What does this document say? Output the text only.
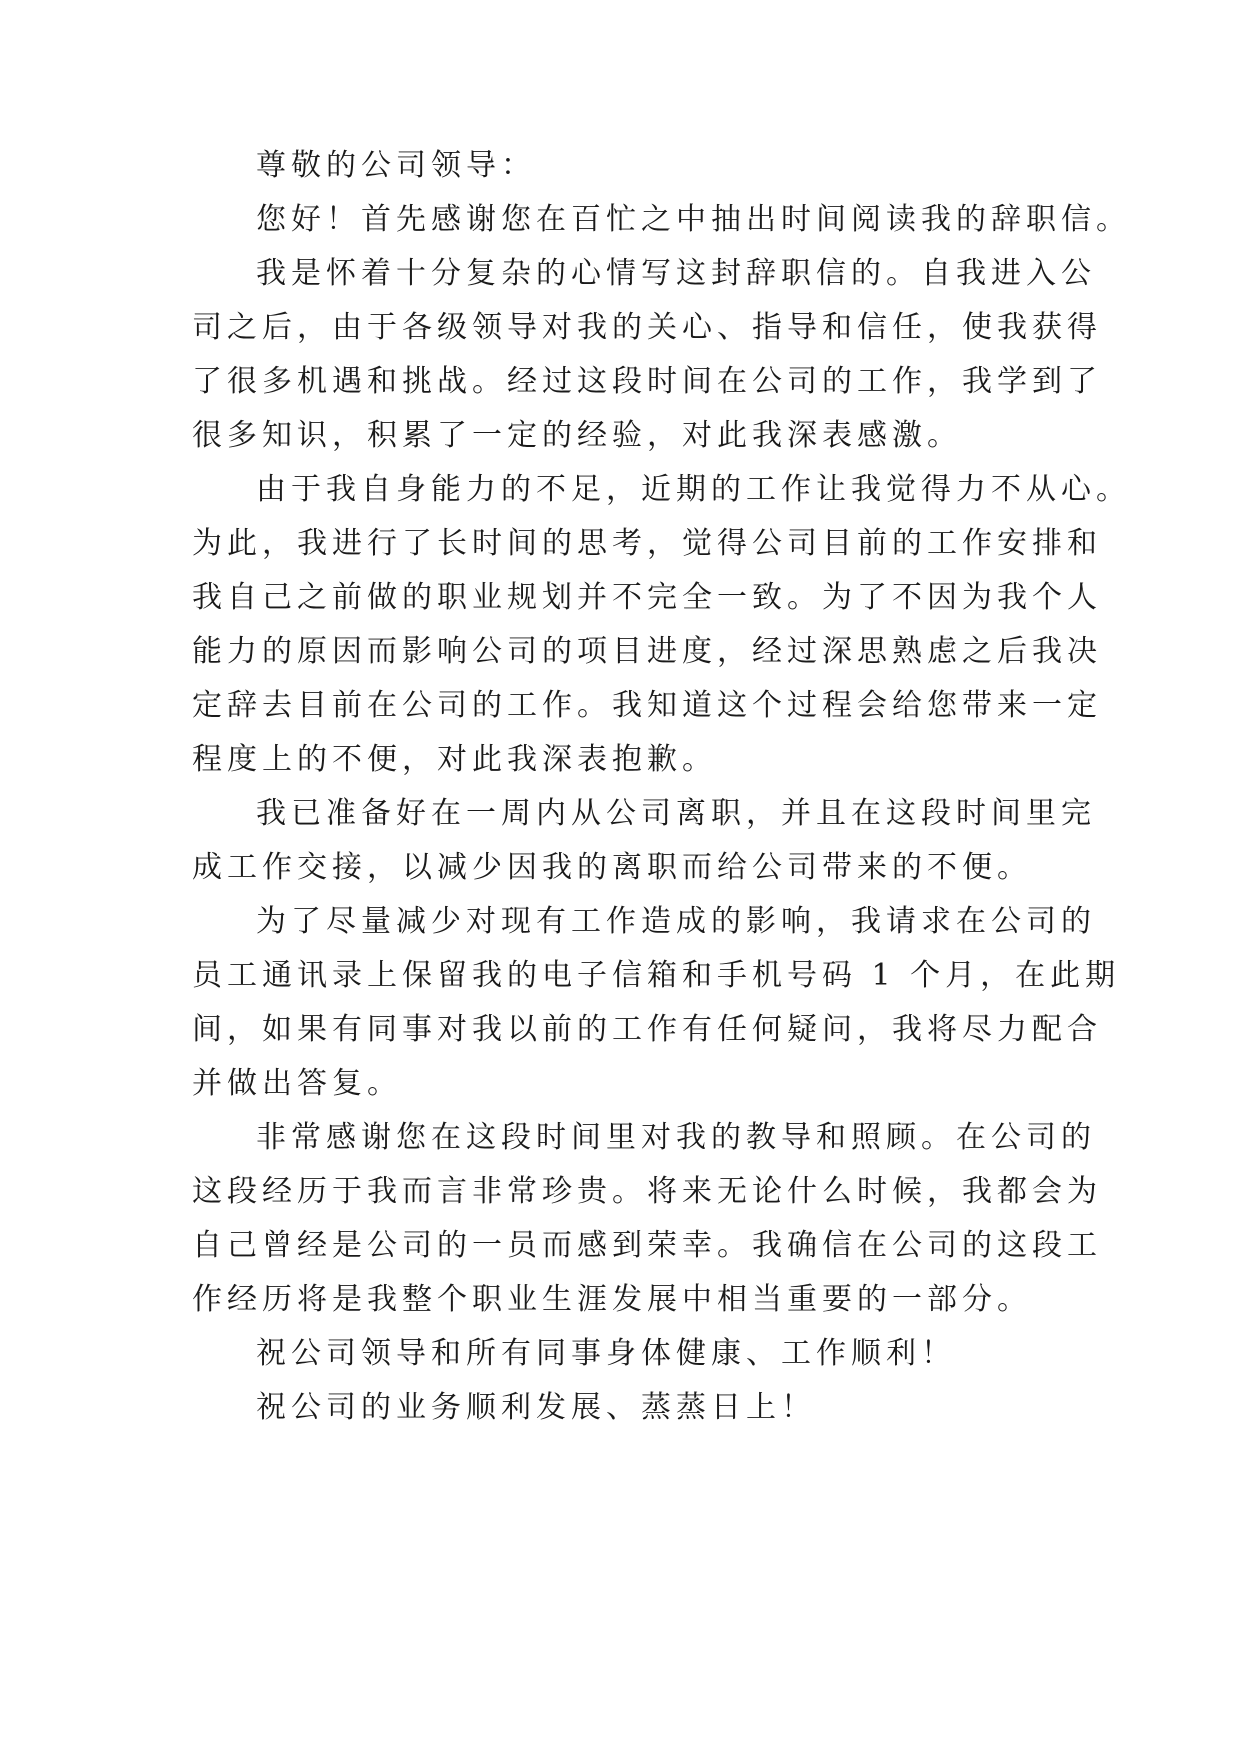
尊敬的公司领导：

您好！首先感谢您在百忙之中抽出时间阅读我的辞职信。

我是怀着十分复杂的心情写这封辞职信的。自我进入公

司之后，由于各级领导对我的关心、指导和信任，使我获得

了很多机遇和挑战。经过这段时间在公司的工作，我学到了

很多知识，积累了一定的经验，对此我深表感激。

由于我自身能力的不足，近期的工作让我觉得力不从心。

为此，我进行了长时间的思考，觉得公司目前的工作安排和

我自己之前做的职业规划并不完全一致。为了不因为我个人

能力的原因而影响公司的项目进度，经过深思熟虑之后我决

定辞去目前在公司的工作。我知道这个过程会给您带来一定

程度上的不便，对此我深表抱歉。

我已准备好在一周内从公司离职，并且在这段时间里完

成工作交接，以减少因我的离职而给公司带来的不便。

为了尽量减少对现有工作造成的影响，我请求在公司的

员工通讯录上保留我的电子信箱和手机号码 1 个月，在此期

间，如果有同事对我以前的工作有任何疑问，我将尽力配合

并做出答复。

非常感谢您在这段时间里对我的教导和照顾。在公司的

这段经历于我而言非常珍贵。将来无论什么时候，我都会为

自己曾经是公司的一员而感到荣幸。我确信在公司的这段工

作经历将是我整个职业生涯发展中相当重要的一部分。

祝公司领导和所有同事身体健康、工作顺利！

祝公司的业务顺利发展、蒸蒸日上！
